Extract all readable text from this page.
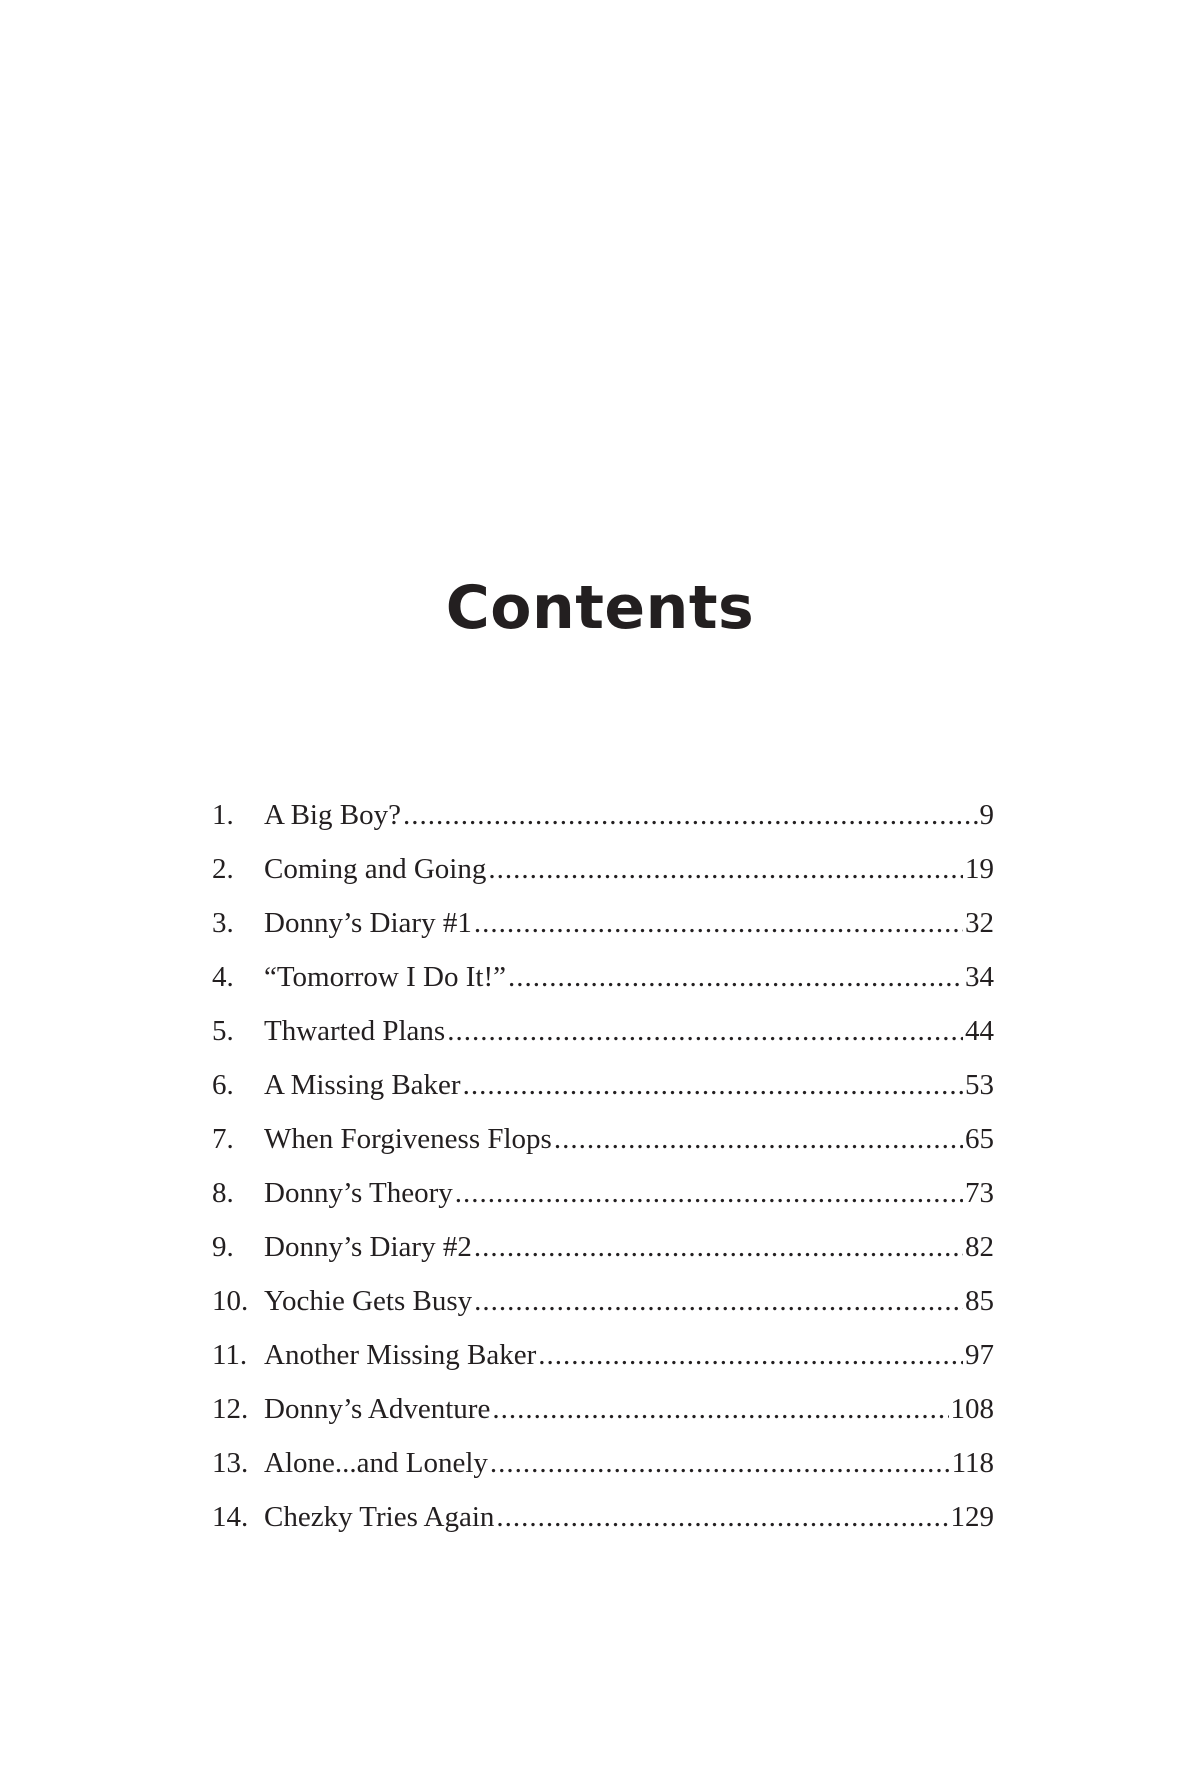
Contents
1.	A Big Boy? .....	9
2.	Coming and Going .....	19
3.	Donny’s Diary #1 .....	32
4.	“Tomorrow I Do It!” .....	34
5.	Thwarted Plans .....	44
6.	A Missing Baker .....	53
7.	When Forgiveness Flops .....	65
8.	Donny’s Theory .....	73
9.	Donny’s Diary #2 .....	82
10. Yochie Gets Busy .....	85
11. Another Missing Baker .....	97
12. Donny’s Adventure .....	108
13. Alone...and Lonely .....	118
14. Chezky Tries Again .....	129
